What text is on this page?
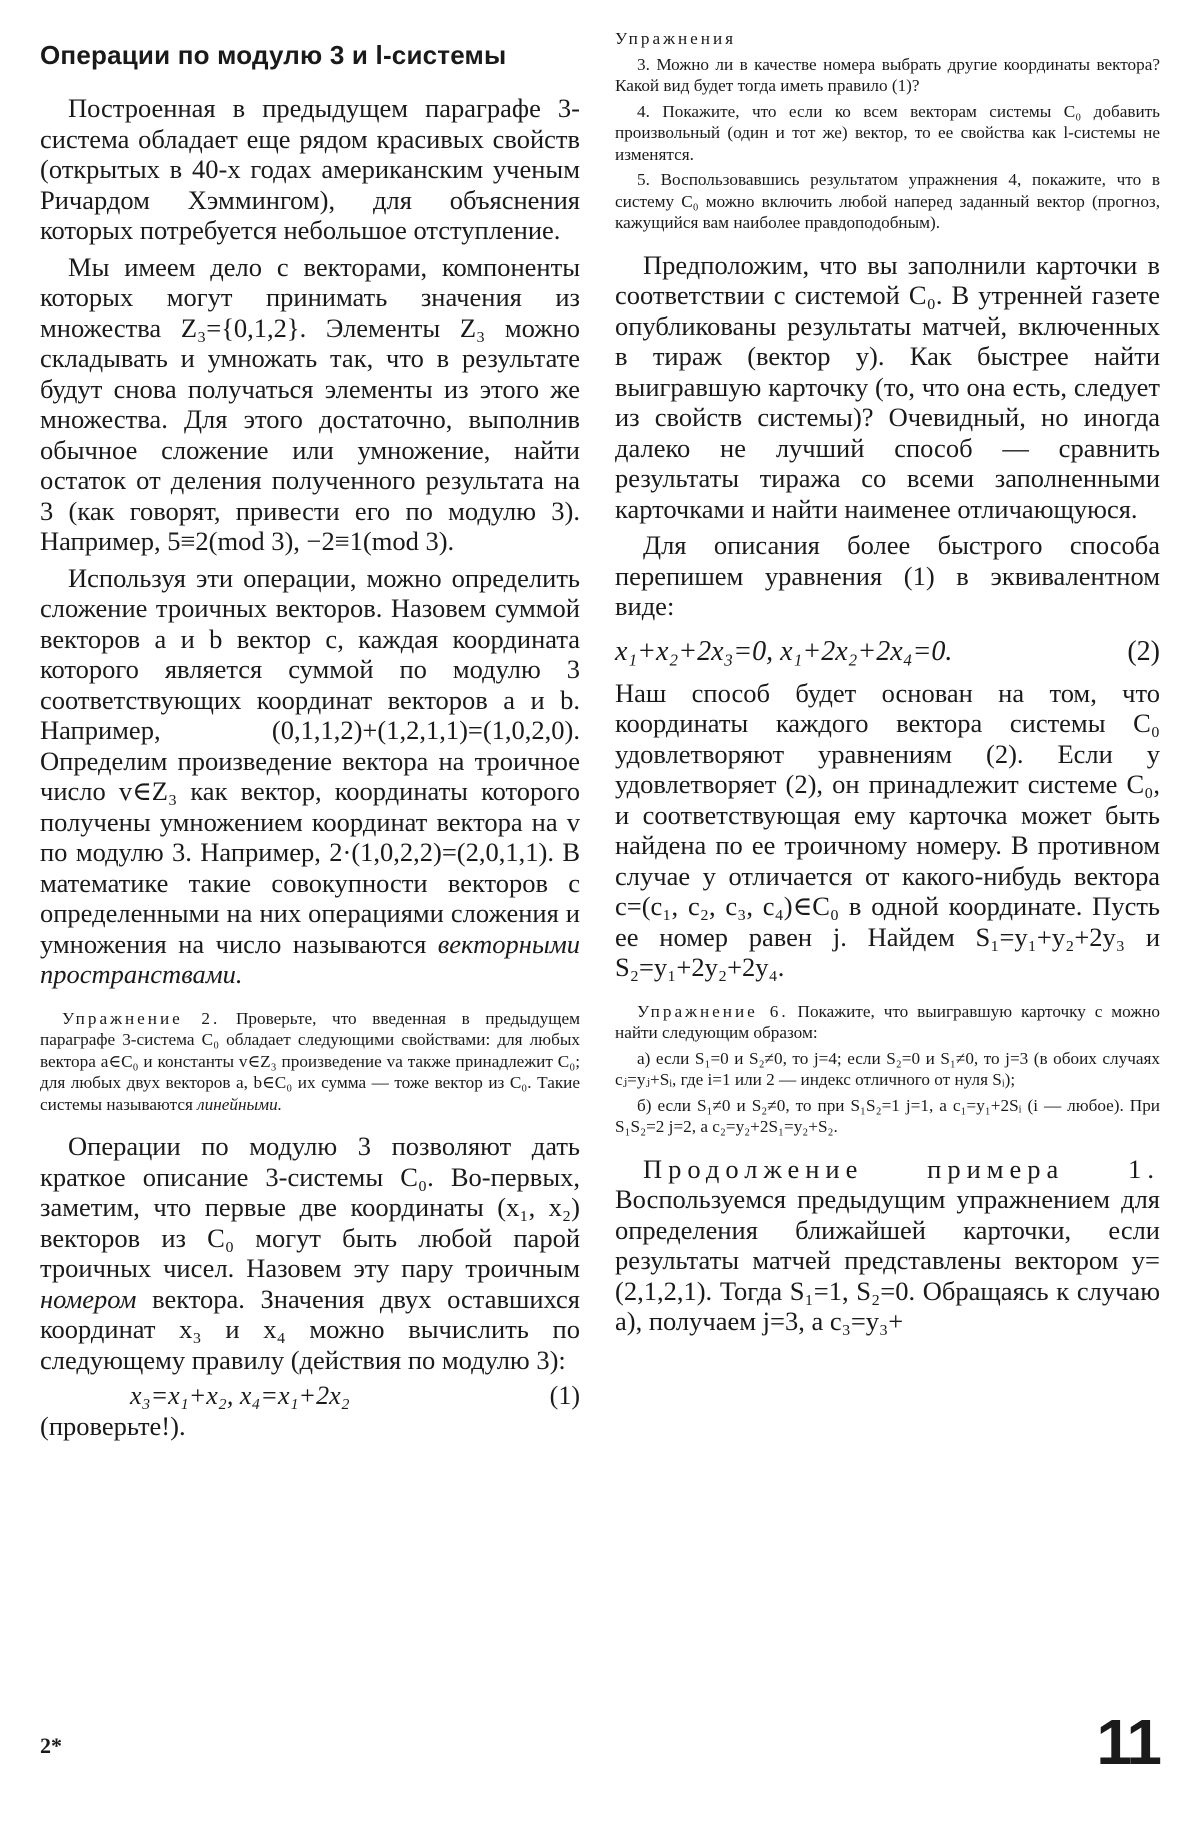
Операции по модулю 3 и l-системы

Построенная в предыдущем параграфе 3-система обладает еще рядом красивых свойств (открытых в 40-х годах американским ученым Ричардом Хэммингом), для объяснения которых потребуется небольшое отступление.

Мы имеем дело с векторами, компоненты которых могут принимать значения из множества Z₃={0,1,2}. Элементы Z₃ можно складывать и умножать так, что в результате будут снова получаться элементы из этого же множества. Для этого достаточно, выполнив обычное сложение или умножение, найти остаток от деления полученного результата на 3 (как говорят, привести его по модулю 3). Например, 5≡2(mod 3), −2≡1(mod 3).

Используя эти операции, можно определить сложение троичных векторов. Назовем суммой векторов a и b вектор c, каждая координата которого является суммой по модулю 3 соответствующих координат векторов a и b. Например, (0,1,1,2)+(1,2,1,1)=(1,0,2,0). Определим произведение вектора на троичное число v∈Z₃ как вектор, координаты которого получены умножением координат вектора на v по модулю 3. Например, 2·(1,0,2,2)=(2,0,1,1). В математике такие совокупности векторов с определенными на них операциями сложения и умножения на число называются векторными пространствами.

Упражнение 2. Проверьте, что введенная в предыдущем параграфе 3-система C₀ обладает следующими свойствами: для любых вектора a∈C₀ и константы v∈Z₃ произведение va также принадлежит C₀; для любых двух векторов a, b∈C₀ их сумма — тоже вектор из C₀. Такие системы называются линейными.

Операции по модулю 3 позволяют дать краткое описание 3-системы C₀. Во-первых, заметим, что первые две координаты (x₁, x₂) векторов из C₀ могут быть любой парой троичных чисел. Назовем эту пару троичным номером вектора. Значения двух оставшихся координат x₃ и x₄ можно вычислить по следующему правилу (действия по модулю 3):

x₃=x₁+x₂, x₄=x₁+2x₂	(1)

(проверьте!).

Упражнения

3. Можно ли в качестве номера выбрать другие координаты вектора? Какой вид будет тогда иметь правило (1)?

4. Покажите, что если ко всем векторам системы C₀ добавить произвольный (один и тот же) вектор, то ее свойства как l-системы не изменятся.

5. Воспользовавшись результатом упражнения 4, покажите, что в систему C₀ можно включить любой наперед заданный вектор (прогноз, кажущийся вам наиболее правдоподобным).

Предположим, что вы заполнили карточки в соответствии с системой C₀. В утренней газете опубликованы результаты матчей, включенных в тираж (вектор y). Как быстрее найти выигравшую карточку (то, что она есть, следует из свойств системы)? Очевидный, но иногда далеко не лучший способ — сравнить результаты тиража со всеми заполненными карточками и найти наименее отличающуюся.

Для описания более быстрого способа перепишем уравнения (1) в эквивалентном виде:

x₁+x₂+2x₃=0, x₁+2x₂+2x₄=0.	(2)

Наш способ будет основан на том, что координаты каждого вектора системы C₀ удовлетворяют уравнениям (2). Если y удовлетворяет (2), он принадлежит системе C₀, и соответствующая ему карточка может быть найдена по ее троичному номеру. В противном случае y отличается от какого-нибудь вектора c=(c₁, c₂, c₃, c₄)∈C₀ в одной координате. Пусть ее номер равен j. Найдем S₁=y₁+y₂+2y₃ и S₂=y₁+2y₂+2y₄.

Упражнение 6. Покажите, что выигравшую карточку c можно найти следующим образом:

а) если S₁=0 и S₂≠0, то j=4; если S₂=0 и S₁≠0, то j=3 (в обоих случаях cⱼ=yⱼ+Sᵢ, где i=1 или 2 — индекс отличного от нуля Sᵢ);

б) если S₁≠0 и S₂≠0, то при S₁S₂=1 j=1, а c₁=y₁+2Sᵢ (i — любое). При S₁S₂=2 j=2, а c₂=y₂+2S₁=y₂+S₂.

Продолжение примера 1. Воспользуемся предыдущим упражнением для определения ближайшей карточки, если результаты матчей представлены вектором y=(2,1,2,1). Тогда S₁=1, S₂=0. Обращаясь к случаю а), получаем j=3, а c₃=y₃+

2*	11
